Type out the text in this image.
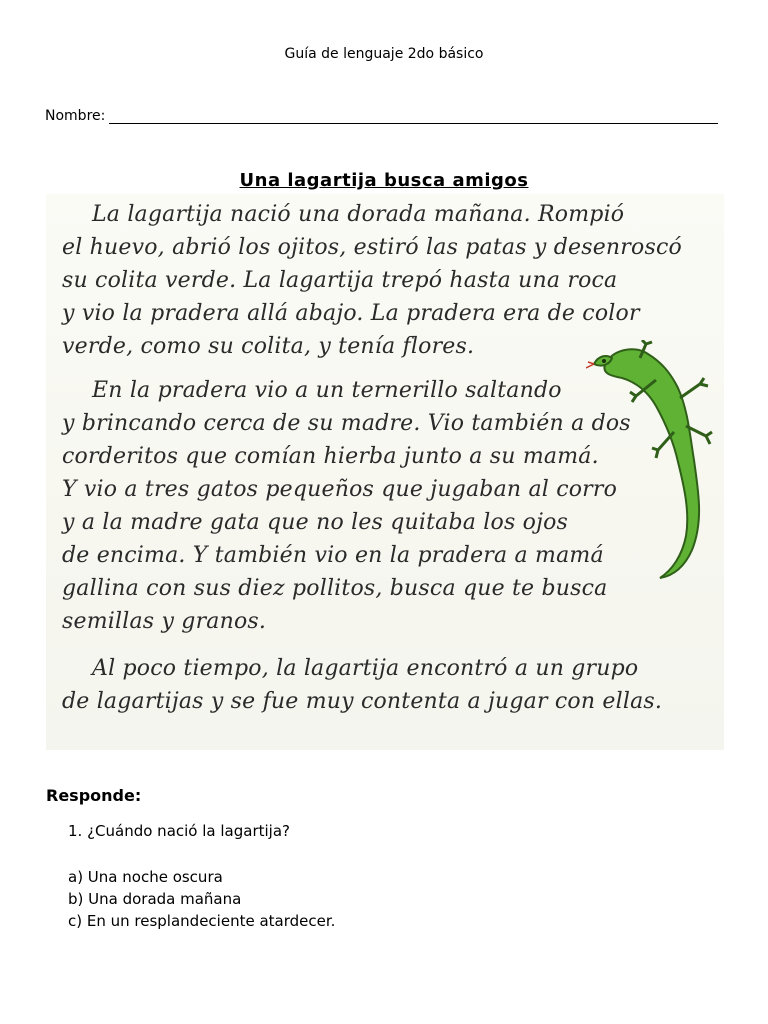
Guía de lenguaje 2do básico
Nombre:
Una lagartija busca amigos
La lagartija nació una dorada mañana. Rompió
el huevo, abrió los ojitos, estiró las patas y desenroscó
su colita verde. La lagartija trepó hasta una roca
y vio la pradera allá abajo. La pradera era de color
verde, como su colita, y tenía flores.
En la pradera vio a un ternerillo saltando
y brincando cerca de su madre. Vio también a dos
corderitos que comían hierba junto a su mamá.
Y vio a tres gatos pequeños que jugaban al corro
y a la madre gata que no les quitaba los ojos
de encima. Y también vio en la pradera a mamá
gallina con sus diez pollitos, busca que te busca
semillas y granos.
Al poco tiempo, la lagartija encontró a un grupo
de lagartijas y se fue muy contenta a jugar con ellas.
Responde:
1. ¿Cuándo nació la lagartija?
a) Una noche oscura
b) Una dorada mañana
c) En un resplandeciente atardecer.
